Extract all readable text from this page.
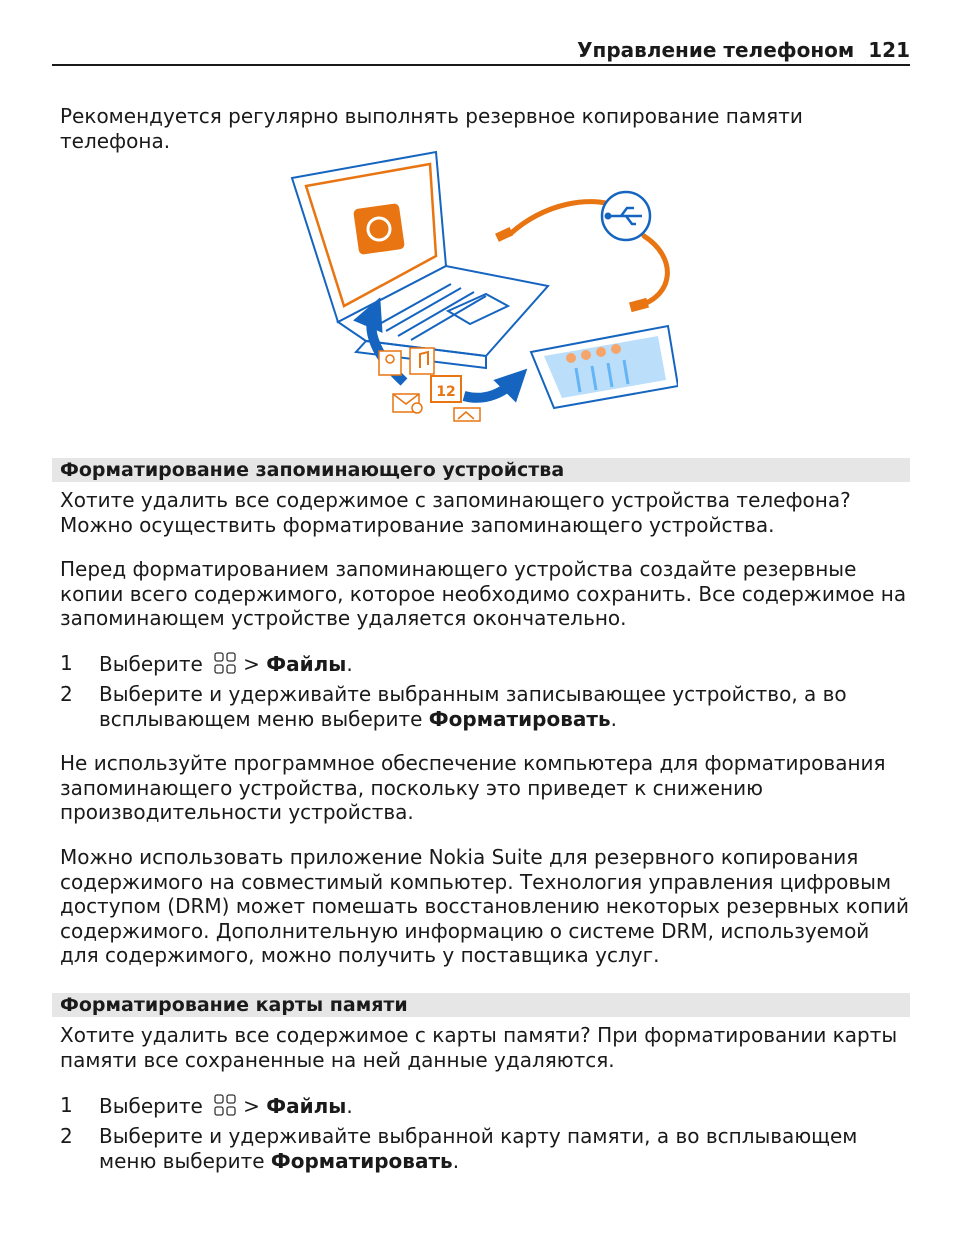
Управление телефоном 121

Рекомендуется регулярно выполнять резервное копирование памяти телефона.

12
Форматирование запоминающего устройства

Хотите удалить все содержимое с запоминающего устройства телефона? Можно осуществить форматирование запоминающего устройства.

Перед форматированием запоминающего устройства создайте резервные копии всего содержимого, которое необходимо сохранить. Все содержимое на запоминающем устройстве удаляется окончательно.

1 Выберите > Файлы.
2 Выберите и удерживайте выбранным записывающее устройство, а во всплывающем меню выберите Форматировать.

Не используйте программное обеспечение компьютера для форматирования запоминающего устройства, поскольку это приведет к снижению производительности устройства.

Можно использовать приложение Nokia Suite для резервного копирования содержимого на совместимый компьютер. Технология управления цифровым доступом (DRM) может помешать восстановлению некоторых резервных копий содержимого. Дополнительную информацию о системе DRM, используемой для содержимого, можно получить у поставщика услуг.

Форматирование карты памяти

Хотите удалить все содержимое с карты памяти? При форматировании карты памяти все сохраненные на ней данные удаляются.

1 Выберите > Файлы.
2 Выберите и удерживайте выбранной карту памяти, а во всплывающем меню выберите Форматировать.
